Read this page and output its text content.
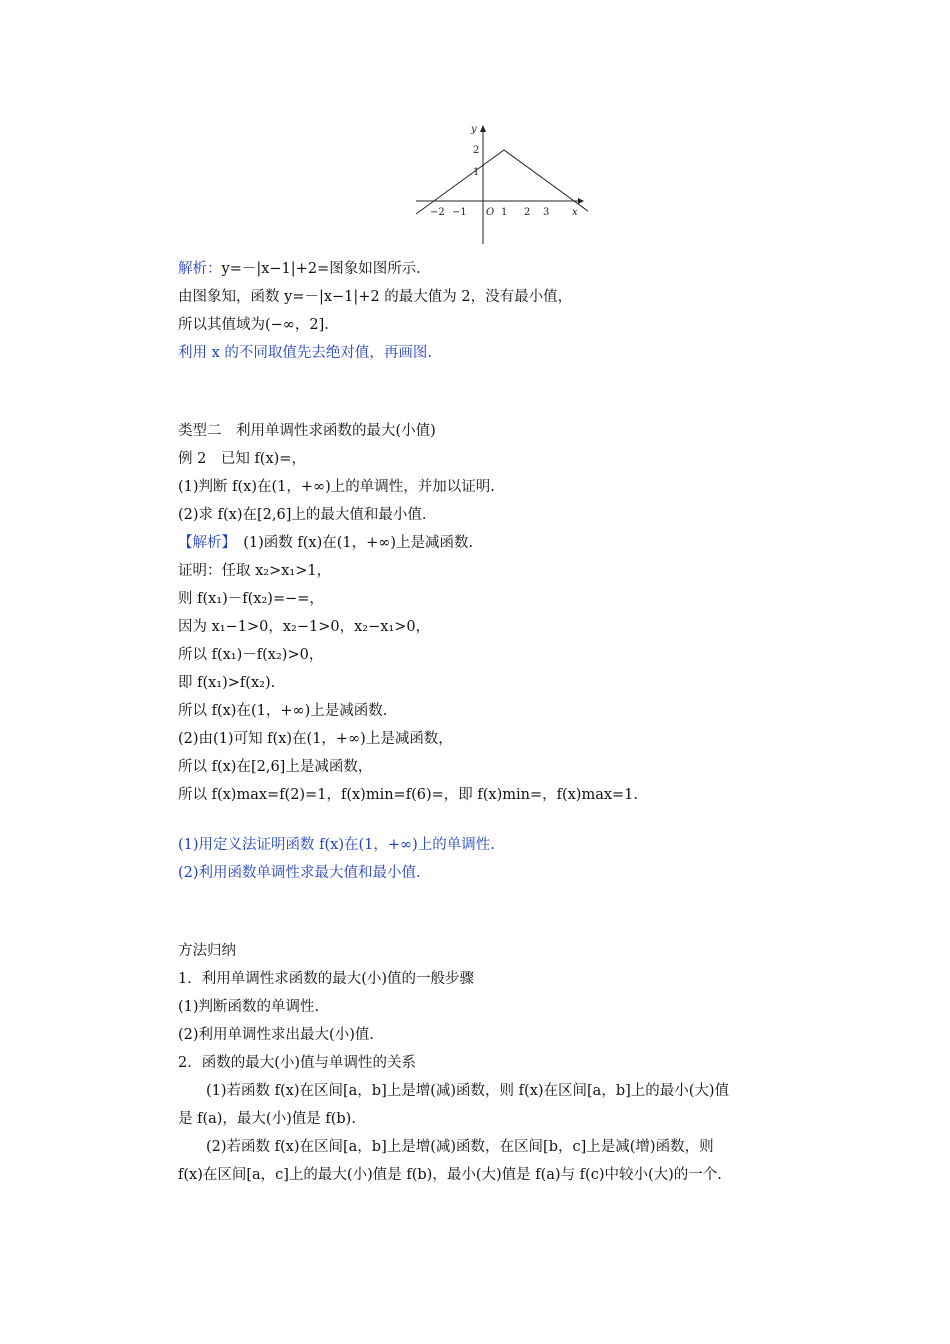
y
x
O
2
1
−2 −1	1 2 3
解析：y=－|x−1|+2=图象如图所示.
由图象知，函数 y=－|x−1|+2 的最大值为 2，没有最小值，
所以其值域为(−∞，2].
利用 x 的不同取值先去绝对值，再画图.
类型二　利用单调性求函数的最大(小值)
例 2　已知 f(x)=，
(1)判断 f(x)在(1，+∞)上的单调性，并加以证明.
(2)求 f(x)在[2,6]上的最大值和最小值.
【解析】　(1)函数 f(x)在(1，+∞)上是减函数.
证明：任取 x₂>x₁>1，
则 f(x₁)－f(x₂)=−=，
因为 x₁−1>0，x₂−1>0，x₂−x₁>0，
所以 f(x₁)－f(x₂)>0，
即 f(x₁)>f(x₂).
所以 f(x)在(1，+∞)上是减函数.
(2)由(1)可知 f(x)在(1，+∞)上是减函数，
所以 f(x)在[2,6]上是减函数，
所以 f(x)max=f(2)=1，f(x)min=f(6)=，即 f(x)min=，f(x)max=1.
(1)用定义法证明函数 f(x)在(1，+∞)上的单调性.
(2)利用函数单调性求最大值和最小值.
方法归纳
1．利用单调性求函数的最大(小)值的一般步骤
(1)判断函数的单调性.
(2)利用单调性求出最大(小)值.
2．函数的最大(小)值与单调性的关系
(1)若函数 f(x)在区间[a，b]上是增(减)函数，则 f(x)在区间[a，b]上的最小(大)值
是 f(a)，最大(小)值是 f(b).
(2)若函数 f(x)在区间[a，b]上是增(减)函数，在区间[b，c]上是减(增)函数，则
f(x)在区间[a，c]上的最大(小)值是 f(b)，最小(大)值是 f(a)与 f(c)中较小(大)的一个.
